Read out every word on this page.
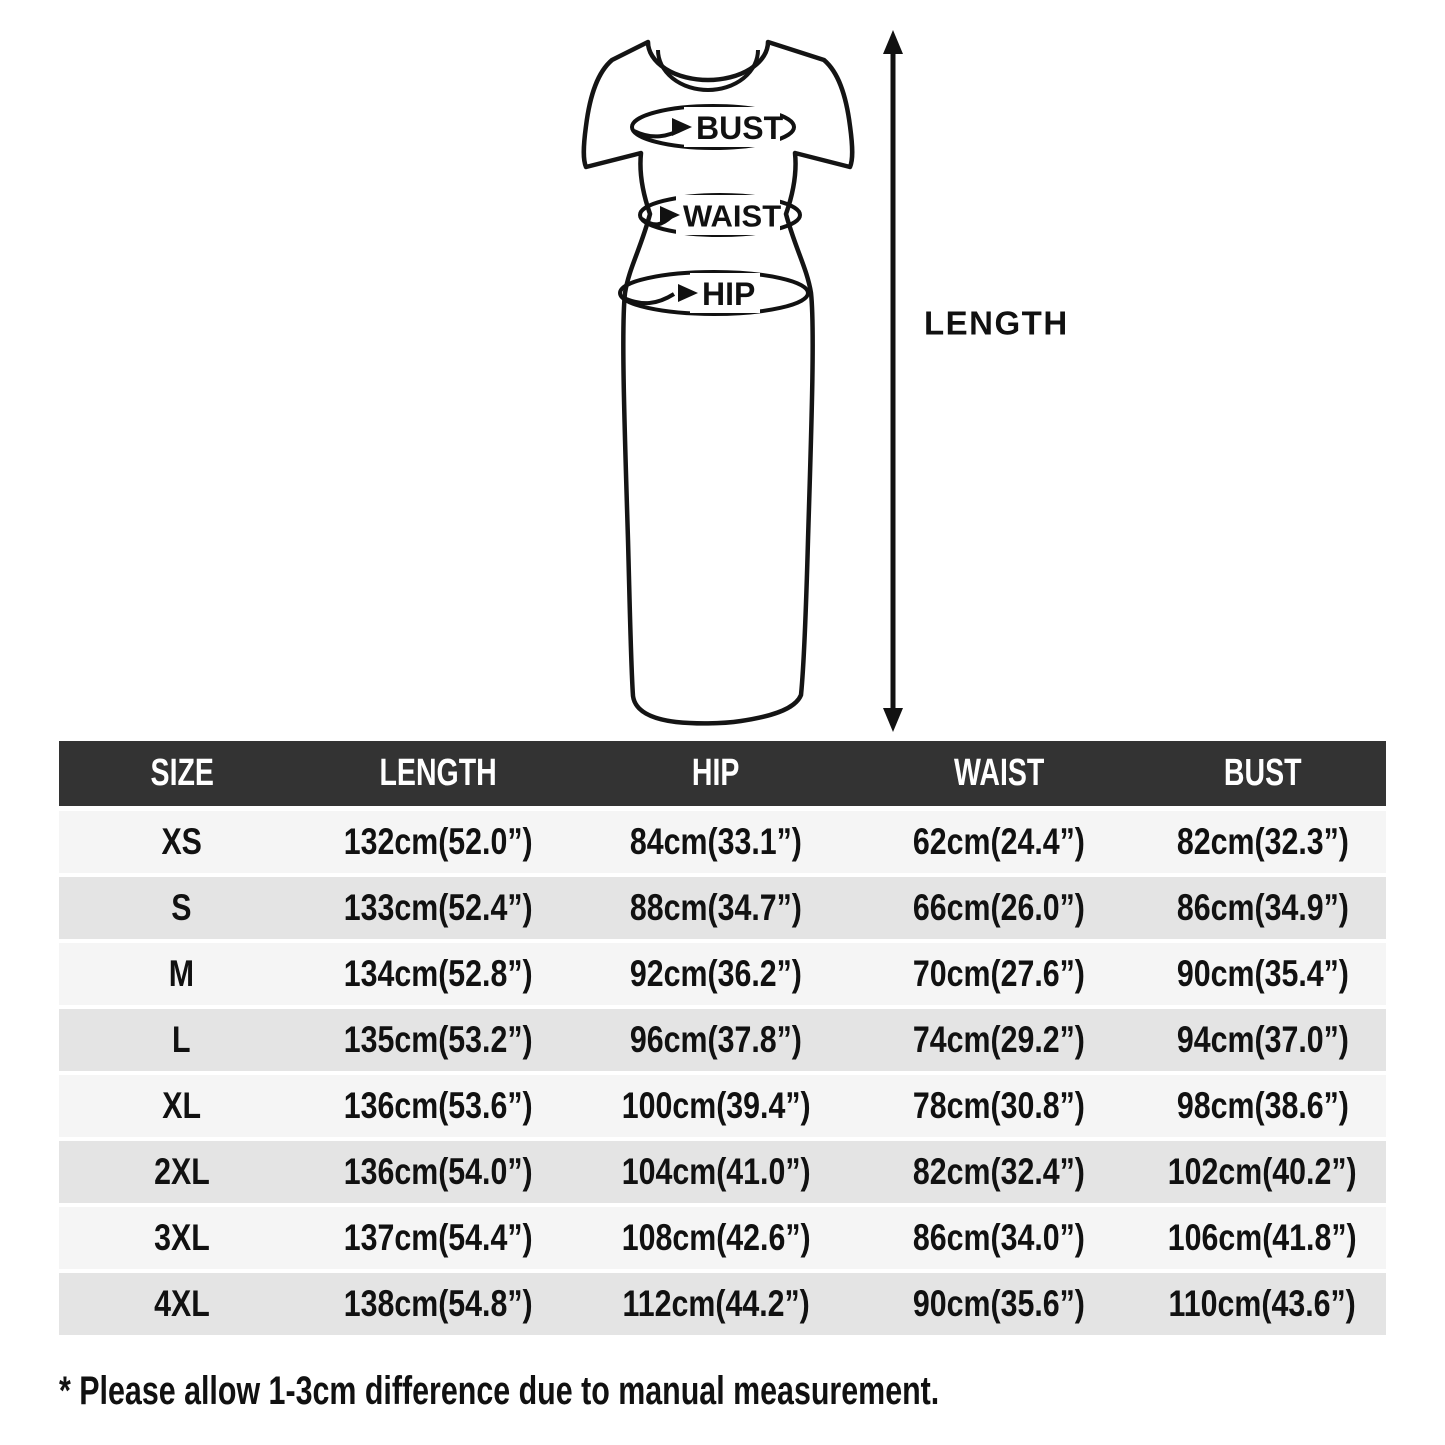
BUST
WAIST
HIP
LENGTH
SIZE	LENGTH	HIP	WAIST	BUST
XS	132cm(52.0”)	84cm(33.1”)	62cm(24.4”)	82cm(32.3”)
S	133cm(52.4”)	88cm(34.7”)	66cm(26.0”)	86cm(34.9”)
M	134cm(52.8”)	92cm(36.2”)	70cm(27.6”)	90cm(35.4”)
L	135cm(53.2”)	96cm(37.8”)	74cm(29.2”)	94cm(37.0”)
XL	136cm(53.6”)	100cm(39.4”)	78cm(30.8”)	98cm(38.6”)
2XL	136cm(54.0”)	104cm(41.0”)	82cm(32.4”)	102cm(40.2”)
3XL	137cm(54.4”)	108cm(42.6”)	86cm(34.0”)	106cm(41.8”)
4XL	138cm(54.8”)	112cm(44.2”)	90cm(35.6”)	110cm(43.6”)
* Please allow 1-3cm difference due to manual measurement.
